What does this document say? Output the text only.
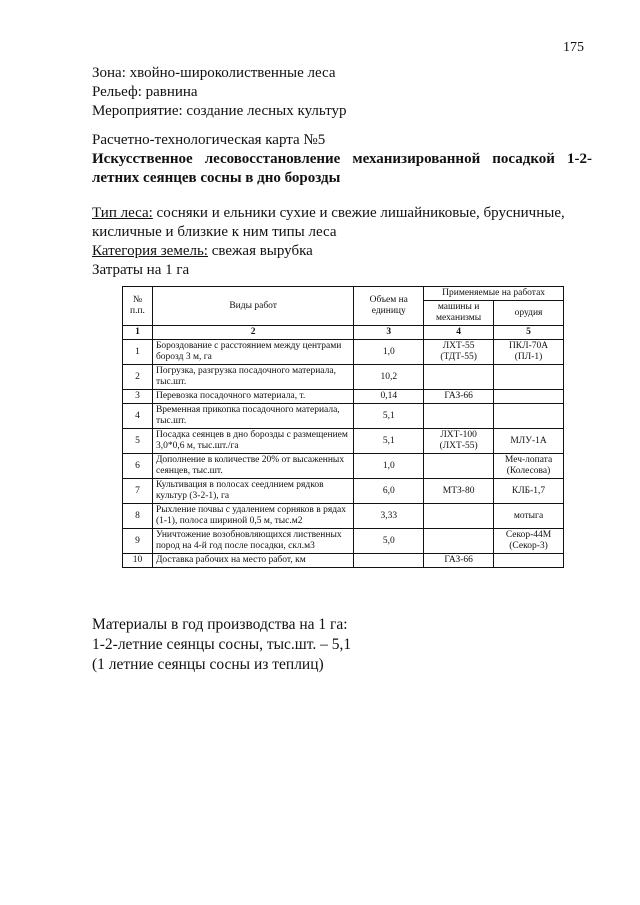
175
Зона: хвойно-широколиственные леса
Рельеф: равнина
Мероприятие: создание лесных культур
Расчетно-технологическая карта №5
Искусственное лесовосстановление механизированной посадкой 1-2-
летних сеянцев сосны в дно борозды
Тип леса: сосняки и ельники сухие и свежие лишайниковые, брусничные,
кисличные и близкие к ним типы леса
Категория земель: свежая вырубка
Затраты на 1 га
№ п.п.	Виды работ	Объем на единицу	Применяемые на работах	
			машины и механизмы	орудия
1	2	3	4	5
1	Бороздование с расстоянием между центрами борозд 3 м, га	1,0	ЛХТ-55 (ТДТ-55)	ПКЛ-70А (ПЛ-1)
2	Погрузка, разгрузка посадочного материала, тыс.шт.	10,2		
3	Перевозка посадочного материала, т.	0,14	ГАЗ-66	
4	Временная прикопка посадочного материала, тыс.шт.	5,1		
5	Посадка сеянцев в дно борозды с размещением 3,0*0,6 м, тыс.шт./га	5,1	ЛХТ-100 (ЛХТ-55)	МЛУ-1А
6	Дополнение в количестве 20% от высаженных сеянцев, тыс.шт.	1,0		Меч-лопата (Колесова)
7	Культивация в полосах сеедлнием рядков культур (3-2-1), га	6,0	МТЗ-80	КЛБ-1,7
8	Рыхление почвы с удалением сорняков в рядах (1-1), полоса шириной 0,5 м, тыс.м2	3,33		мотыга
9	Уничтожение возобновляющихся лиственных пород на 4-й год после посадки, скл.м3	5,0		Секор-44М (Секор-3)
10	Доставка рабочих на место работ, км		ГАЗ-66	
Материалы в год производства на 1 га:
1-2-летние сеянцы сосны, тыс.шт. – 5,1
(1 летние сеянцы сосны из теплиц)
